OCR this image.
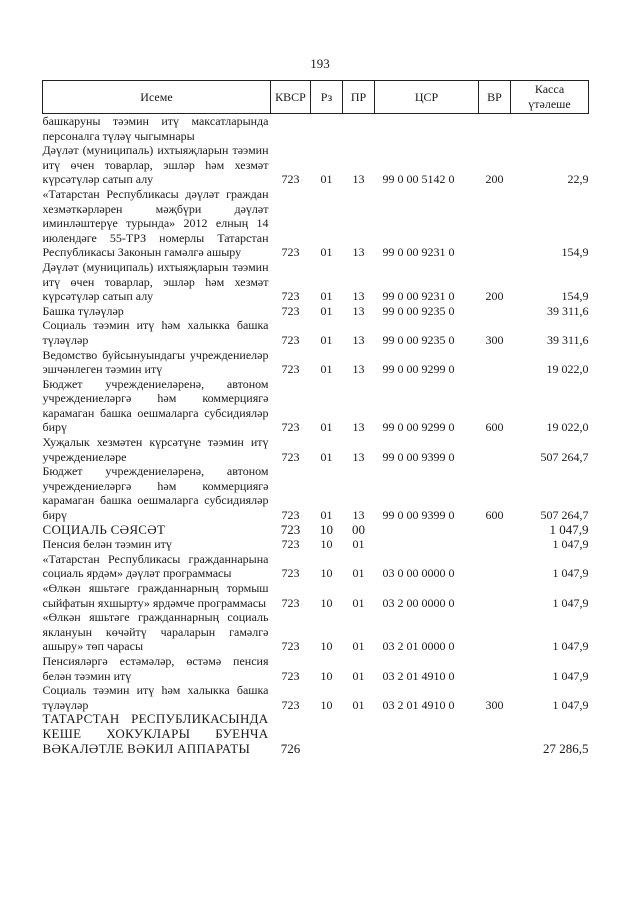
193
Исеме	КВСР	Рз	ПР	ЦСР	ВР	Касса үтәлеше
башкаруны тәэмин итү максатларында персоналга түләү чыгымнары						
Дәүләт (муниципаль) ихтыяҗларын тәэмин итү өчен товарлар, эшләр һәм хезмәт күрсәтүләр сатып алу	723	01	13	99 0 00 5142 0	200	22,9
«Татарстан Республикасы дәүләт граждан хезмәткәрләрен мәҗбүри дәүләт иминләштерүе турында» 2012 елның 14 июлендәге 55-ТРЗ номерлы Татарстан Республикасы Законын гамәлгә ашыру	723	01	13	99 0 00 9231 0		154,9
Дәүләт (муниципаль) ихтыяҗларын тәэмин итү өчен товарлар, эшләр һәм хезмәт күрсәтүләр сатып алу	723	01	13	99 0 00 9231 0	200	154,9
Башка түләүләр	723	01	13	99 0 00 9235 0		39 311,6
Социаль тәэмин итү һәм халыкка башка түләүләр	723	01	13	99 0 00 9235 0	300	39 311,6
Ведомство буйсынуындагы учреждениеләр эшчәнлеген тәэмин итү	723	01	13	99 0 00 9299 0		19 022,0
Бюджет учреждениеләренә, автоном учреждениеләргә һәм коммерциягә карамаган башка оешмаларга субсидияләр бирү	723	01	13	99 0 00 9299 0	600	19 022,0
Хуҗалык хезмәтен күрсәтүне тәэмин итү учреждениеләре	723	01	13	99 0 00 9399 0		507 264,7
Бюджет учреждениеләренә, автоном учреждениеләргә һәм коммерциягә карамаган башка оешмаларга субсидияләр бирү	723	01	13	99 0 00 9399 0	600	507 264,7
СОЦИАЛЬ СӘЯСӘТ	723	10	00			1 047,9
Пенсия белән тәэмин итү	723	10	01			1 047,9
«Татарстан Республикасы гражданнарына социаль ярдәм» дәүләт программасы	723	10	01	03 0 00 0000 0		1 047,9
«Өлкән яшьтәге гражданнарның тормыш сыйфатын яхшырту» ярдәмче программасы	723	10	01	03 2 00 0000 0		1 047,9
«Өлкән яшьтәге гражданнарның социаль яклануын көчәйтү чараларын гамәлгә ашыру» төп чарасы	723	10	01	03 2 01 0000 0		1 047,9
Пенсияләргә естәмәләр, өстәмә пенсия белән тәэмин итү	723	10	01	03 2 01 4910 0		1 047,9
Социаль тәэмин итү һәм халыкка башка түләүләр	723	10	01	03 2 01 4910 0	300	1 047,9
ТАТАРСТАН РЕСПУБЛИКАСЫНДА КЕШЕ ХОКУКЛАРЫ БУЕНЧА ВӘКАЛӘТЛЕ ВӘКИЛ АППАРАТЫ	726					27 286,5
